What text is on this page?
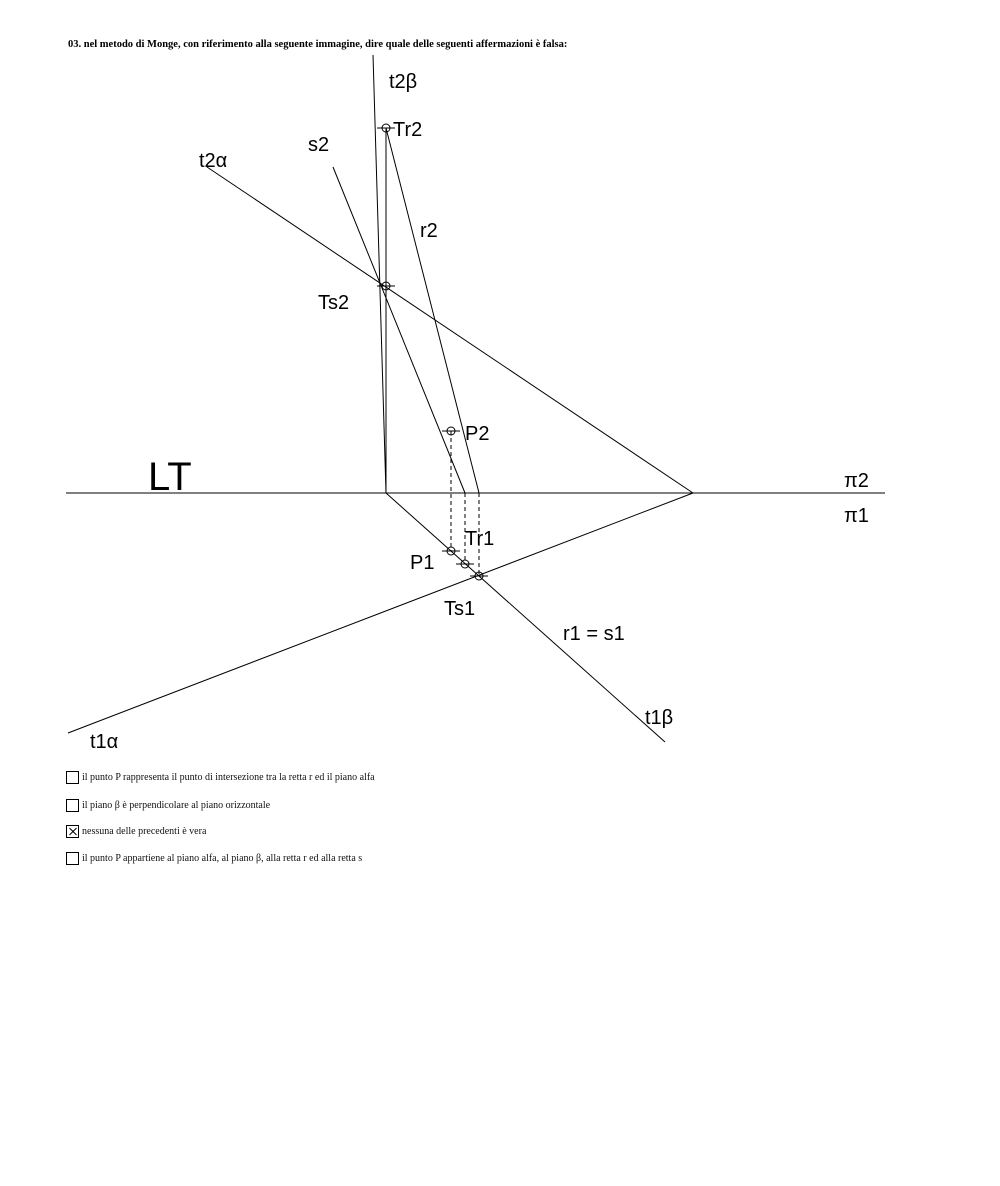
03. nel metodo di Monge, con riferimento alla seguente immagine, dire quale delle seguenti affermazioni è falsa:
t2β
Tr2
s2
t2α
r2
Ts2
P2
LT	π2
π1
Tr1
P1
Ts1
r1 = s1
t1β
t1α
il punto P rappresenta il punto di intersezione tra la retta r ed il piano alfa
il piano β è perpendicolare al piano orizzontale
nessuna delle precedenti è vera
il punto P appartiene al piano alfa, al piano β, alla retta r ed alla retta s
